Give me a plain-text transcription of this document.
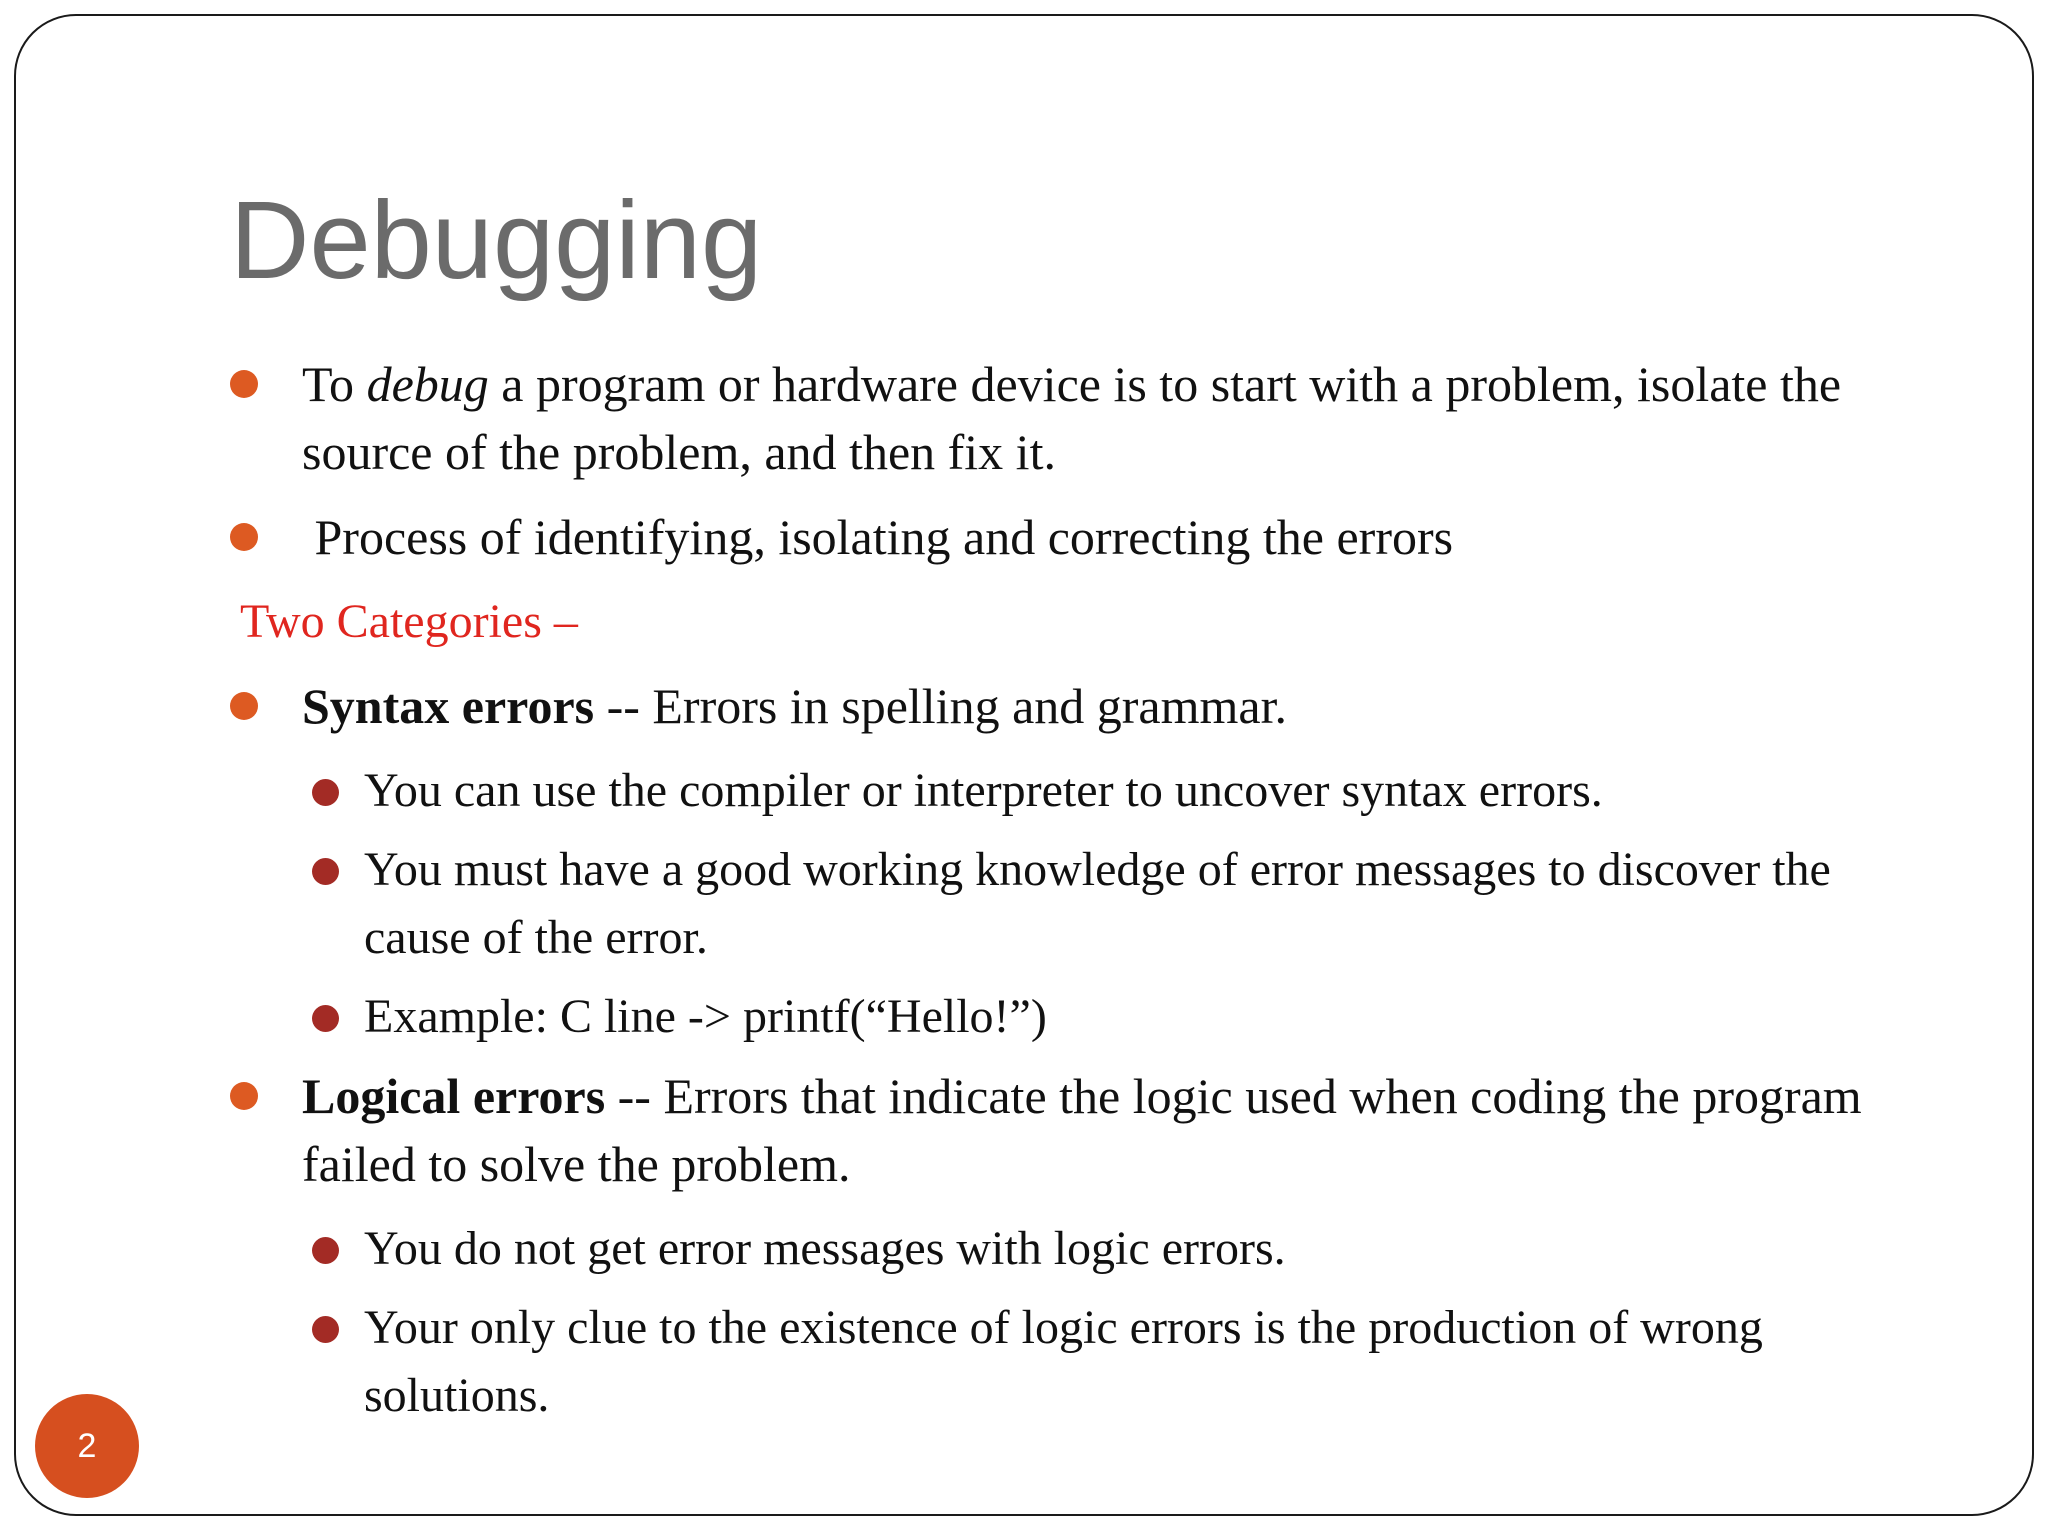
Debugging
To debug a program or hardware device is to start with a problem, isolate the source of the problem, and then fix it.
Process of identifying, isolating and correcting the errors
Two Categories –
Syntax errors -- Errors in spelling and grammar.
You can use the compiler or interpreter to uncover syntax errors.
You must have a good working knowledge of error messages to discover the cause of the error.
Example: C line -> printf(“Hello!”)
Logical errors -- Errors that indicate the logic used when coding the program failed to solve the problem.
You do not get error messages with logic errors.
Your only clue to the existence of logic errors is the production of wrong solutions.
2
